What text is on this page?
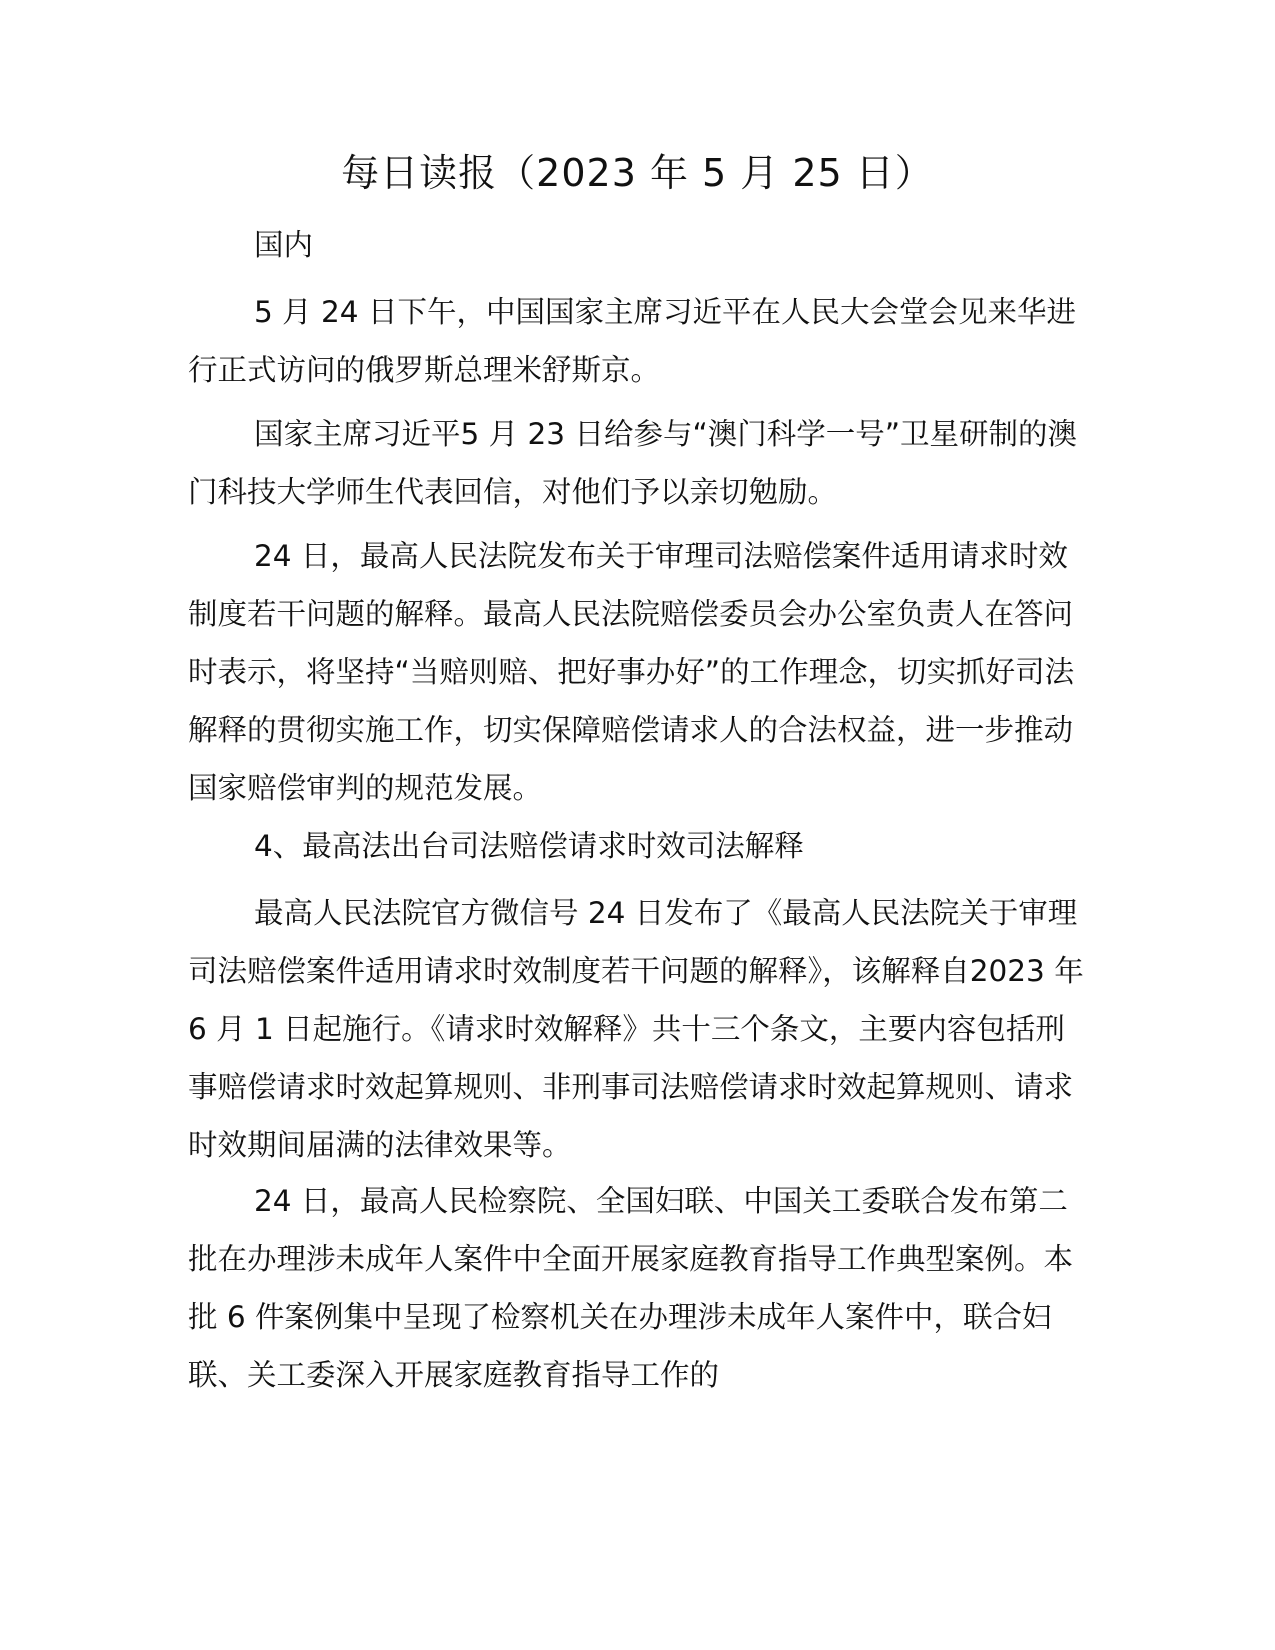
每日读报（2023 年 5 月 25 日）

国内

5 月 24 日下午，中国国家主席习近平在人民大会堂会见来华进行正式访问的俄罗斯总理米舒斯京。

国家主席习近平5 月 23 日给参与“澳门科学一号”卫星研制的澳门科技大学师生代表回信，对他们予以亲切勉励。

24 日，最高人民法院发布关于审理司法赔偿案件适用请求时效制度若干问题的解释。最高人民法院赔偿委员会办公室负责人在答问时表示，将坚持“当赔则赔、把好事办好”的工作理念，切实抓好司法解释的贯彻实施工作，切实保障赔偿请求人的合法权益，进一步推动国家赔偿审判的规范发展。

4、最高法出台司法赔偿请求时效司法解释

最高人民法院官方微信号 24 日发布了《最高人民法院关于审理司法赔偿案件适用请求时效制度若干问题的解释》，该解释自2023 年 6 月 1 日起施行。《请求时效解释》共十三个条文，主要内容包括刑事赔偿请求时效起算规则、非刑事司法赔偿请求时效起算规则、请求时效期间届满的法律效果等。

24 日，最高人民检察院、全国妇联、中国关工委联合发布第二批在办理涉未成年人案件中全面开展家庭教育指导工作典型案例。本批 6 件案例集中呈现了检察机关在办理涉未成年人案件中，联合妇联、关工委深入开展家庭教育指导工作的
